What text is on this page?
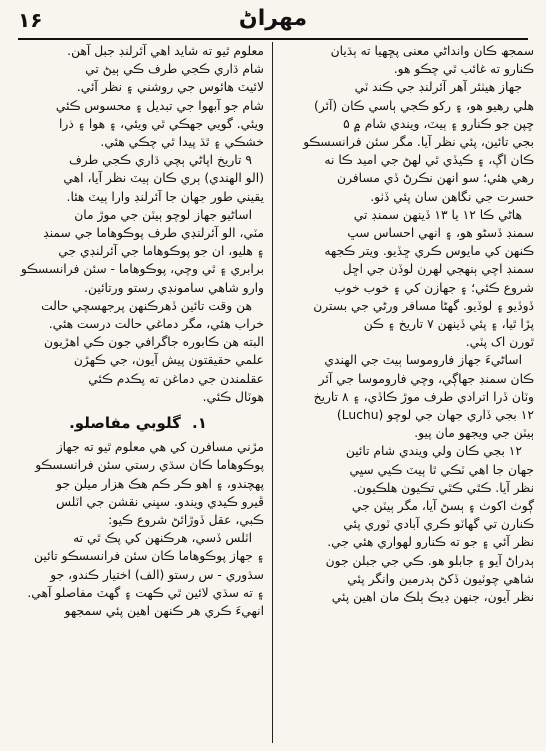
۱۶	مهراڻ
سمجھ ڪان وانداڻي معنى پڇھيا ته ٻڌيان
ڪنارو ته غائب ٿي چڪو هو.
جهاز هيٺئر آهر آئرلنڊ جي ڪند ٽي
هلي رهيو هو، ۽ رکو ڪجي ٻاسي ڪان (آئر)
ڇپن جو ڪنارو ۽ ٻيٽ، ويندي شام ۾ ۵
بجي تائين، پئي نظر آيا. مگر سئن فرانسسڪو
ڪان اڳ، ۽ ڪيڏي ٿي لهڻ جي اميد ڪا نه
رهي هئي؛ سو انهن نڪرڻ ڏي مسافرن
حسرت جي نگاهن سان پئي ڏٺو.
هاڻي ڪا ۱۲ يا ۱۳ ڏينهن سمنڊ تي
سمنڊ ڏسڻو هو، ۽ انهي احساس سڀ
ڪنهن کي مايوس ڪري ڇڏيو. ويتر ڪجهه
سمنڊ اچي ٻنهجي لهرن لوڏن جي اڇل
شروع ڪئي؛ ۽ جهازن کي ۽ خوب خوب
ڏوڏيو ۽ لوڏيو. گهڻا مسافر ورڻي جي بسترن
پڙا ٿيا، ۽ پئي ڏينهن ۷ تاريخ ۽ ڪن
ٿورن اک پٽي.
اساڻيءَ جهاز فاروموسا ٻيٽ جي الهندي
ڪان سمنڊ جهاڳي، وچي فاروموسا جي آئر
وٽان ڏرا اترادي طرف موڙ ڪاڏي، ۽ ۸ تاريخ
۱۲ بجي ڏاري جهان جي لوچو (Luchu)
ٻيٽن جي ويجهو مان پيو.
۱۲ بجي ڪان ولي ويندي شام تائين
جهان جا اهي ٽڪي ٿا ٻيٽ ڪيي سڀي
نظر آيا. ڪٿي ڪٿي تڪيون هلڪيون.
ڳوٺ اکوٺ ۽ ٻسڻ آيا، مگر ٻيٽن جي
ڪنارن تي گهاٽو ڪري آبادي ٽوري پئي
نظر آئي ۽ جو ته ڪنارو لهواري هئي جي.
ٻدراڻ آيو ۽ جابلو هو. ڪي جي جبلن جون
شاهي چوٽيون ڏکڻ ٻدرمبن وانگر پئي
نظر آيون، جنهن ڊيڪ ٻلڪ مان اهين پئي
معلوم ٿيو ته شايد اهي آئرلنڊ جبل آهن.
شام ڌاري ڪجي طرف ڪي ٻيڻ تي
لائيٽ هائوس جي روشني ۽ نظر آئي.
شام جو آبهوا جي تبديل ۽ محسوس ڪئي
ويئي. گويي جهڪي ٿي ويئي، ۽ هوا ۽ ذرا
خشڪي ۽ ٿڌ پيدا ٿي چڪي هئي.
۹ تاريخ اپاڻي ٻچي ڌاري ڪجي طرف
(الو الهندي) ٻري ڪان ٻيٽ نظر آيا، اهي
يقيني طور جهان جا آئرلنڊ وارا ٻيٽ هئا.
اساڻيو جهاز لوچو ٻيٽن جي موڙ مان
مٽي، الو آئرلنڊي طرف پوڪوهاما جي سمنڊ
۽ هليو، ان جو پوڪوهاما جي آئرلنڊي جي
برابري ۽ ٿي وچي، پوڪوهاما - سئن فرانسسڪو
وارو شاهي سامونڊي رستو ورتائين.
هن وقت تائين ڏهرڪنهن پرجهسچي حالت
خراب هئي، مگر دماغي حالت درست هئي.
البته هن ڪابوره جاگرافي جون ڪي اهڙيون
علمي حقيقتون پيش آيون، جي ڪهڙن
عقلمندن جي دماغن ته پڪدم ڪئي
هوٽال ڪئي.
۱. گلوبي مفاصلو.
مڙني مسافرن کي هي معلوم ٿيو ته جهاز
پوڪوهاما ڪان سڌي رستي سئن فرانسسڪو
پهچندو، ۽ اهو ڪر ڪم هڪ هزار ميلن جو
ڦيرو ڪيدي ويندو. سڀني نقشن جي اٽلس
ڪبي، عقل ڏوڙائڻ شروع ڪيو:
اٽلس ڏسي، هرڪنهن کي پڪ ٿي ته
۽ جهاز پوڪوهاما ڪان سئن فرانسسڪو تائين
سڌوري - س رستو (الف) اختيار ڪندو، جو
۽ ته سڌي لائين ٿي ڪهت ۽ گهٽ مفاصلو آهي.
انهيءَ ڪري هر ڪنهن اهين پئي سمجهو
